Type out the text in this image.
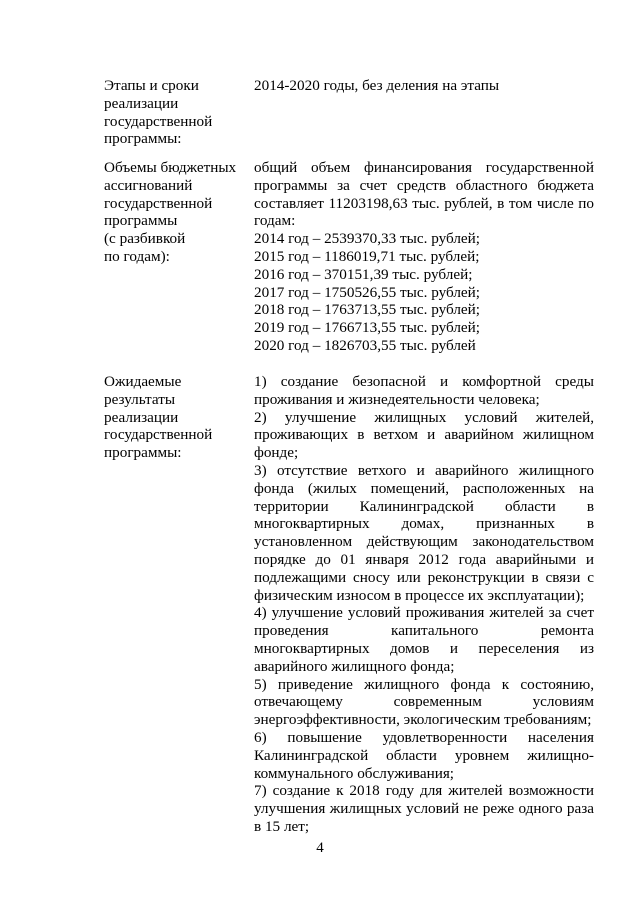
Этапы и сроки
реализации
государственной
программы:
2014-2020 годы, без деления на этапы
Объемы бюджетных
ассигнований
государственной
программы
(с разбивкой
по годам):
общий объем финансирования государственной
программы за счет средств областного бюджета
составляет 11203198,63 тыс. рублей, в том числе по
годам:
2014 год – 2539370,33 тыс. рублей;
2015 год – 1186019,71 тыс. рублей;
2016 год – 370151,39 тыс. рублей;
2017 год – 1750526,55 тыс. рублей;
2018 год – 1763713,55 тыс. рублей;
2019 год – 1766713,55 тыс. рублей;
2020 год – 1826703,55 тыс. рублей
Ожидаемые
результаты
реализации
государственной
программы:
1) создание безопасной и комфортной среды
проживания и жизнедеятельности человека;
2) улучшение жилищных условий жителей,
проживающих в ветхом и аварийном жилищном
фонде;
3) отсутствие ветхого и аварийного жилищного
фонда (жилых помещений, расположенных на
территории Калининградской области в
многоквартирных домах, признанных в
установленном действующим законодательством
порядке до 01 января 2012 года аварийными и
подлежащими сносу или реконструкции в связи с
физическим износом в процессе их эксплуатации);
4) улучшение условий проживания жителей за счет
проведения капитального ремонта
многоквартирных домов и переселения из
аварийного жилищного фонда;
5) приведение жилищного фонда к состоянию,
отвечающему современным условиям
энергоэффективности, экологическим требованиям;
6) повышение удовлетворенности населения
Калининградской области уровнем жилищно-
коммунального обслуживания;
7) создание к 2018 году для жителей возможности
улучшения жилищных условий не реже одного раза
в 15 лет;
4
